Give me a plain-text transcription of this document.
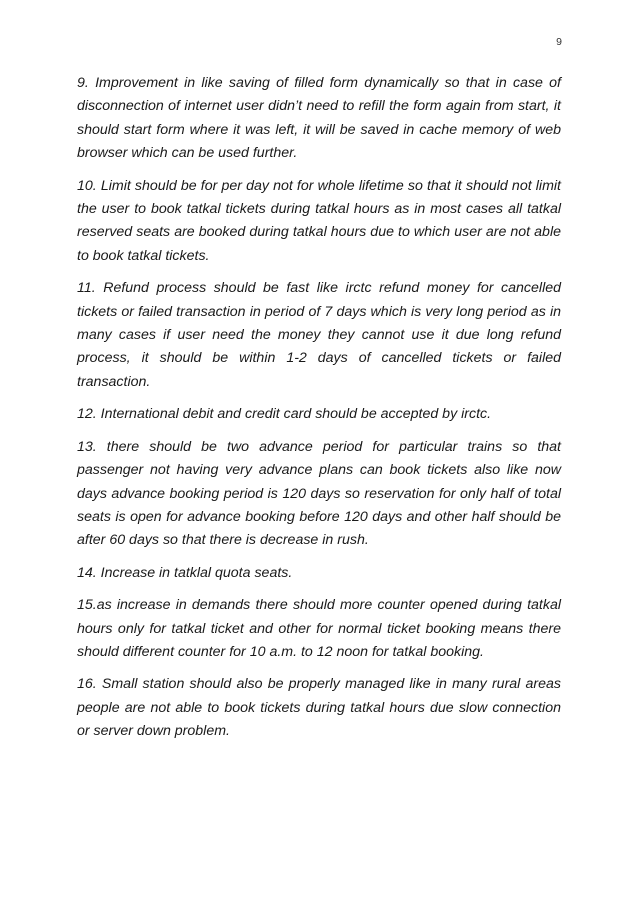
9

9. Improvement in like saving of filled form dynamically so that in case of disconnection of internet user didn’t need to refill the form again from start, it should start form where it was left, it will be saved in cache memory of web browser which can be used further.

10. Limit should be for per day not for whole lifetime so that it should not limit the user to book tatkal tickets during tatkal hours as in most cases all tatkal reserved seats are booked during tatkal hours due to which user are not able to book tatkal tickets.

11. Refund process should be fast like irctc refund money for cancelled tickets or failed transaction in period of 7 days which is very long period as in many cases if user need the money they cannot use it due long refund process, it should be within 1-2 days of cancelled tickets or failed transaction.

12. International debit and credit card should be accepted by irctc.

13. there should be two advance period for particular trains so that passenger not having very advance plans can book tickets also like now days advance booking period is 120 days so reservation for only half of total seats is open for advance booking before 120 days and other half should be after 60 days so that there is decrease in rush.

14. Increase in tatklal quota seats.

15.as increase in demands there should more counter opened during tatkal hours only for tatkal ticket and other for normal ticket booking means there should different counter for 10 a.m. to 12 noon for tatkal booking.

16. Small station should also be properly managed like in many rural areas people are not able to book tickets during tatkal hours due slow connection or server down problem.
